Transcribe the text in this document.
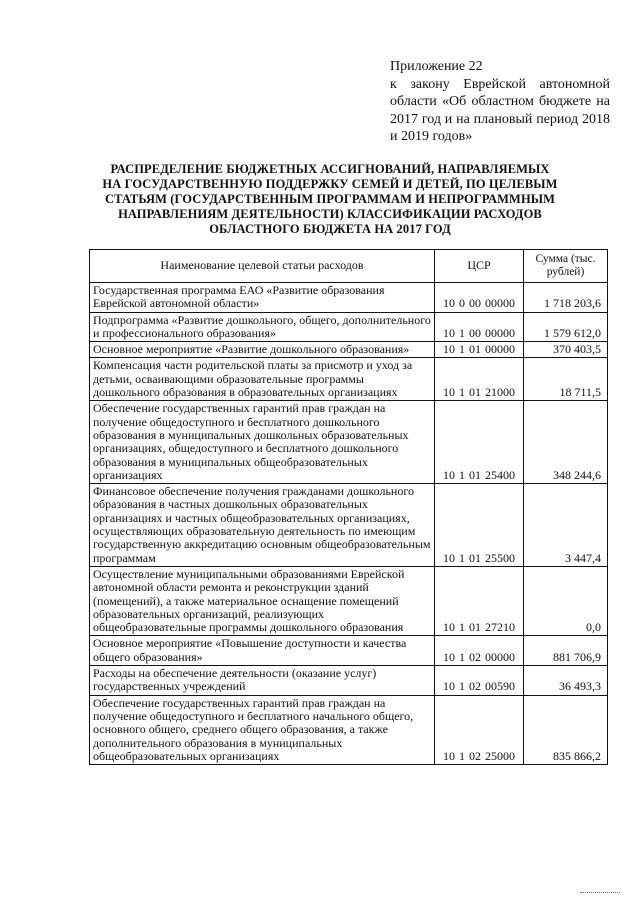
Приложение 22
к закону Еврейской автономной области «Об областном бюджете на 2017 год и на плановый период 2018 и 2019 годов»
РАСПРЕДЕЛЕНИЕ БЮДЖЕТНЫХ АССИГНОВАНИЙ, НАПРАВЛЯЕМЫХ НА ГОСУДАРСТВЕННУЮ ПОДДЕРЖКУ СЕМЕЙ И ДЕТЕЙ, ПО ЦЕЛЕВЫМ СТАТЬЯМ (ГОСУДАРСТВЕННЫМ ПРОГРАММАМ И НЕПРОГРАММНЫМ НАПРАВЛЕНИЯМ ДЕЯТЕЛЬНОСТИ) КЛАССИФИКАЦИИ РАСХОДОВ ОБЛАСТНОГО БЮДЖЕТА НА 2017 ГОД
Наименование целевой статьи расходов	ЦСР	Сумма (тыс. рублей)
Государственная программа ЕАО «Развитие образования Еврейской автономной области»	10 0 00 00000	1 718 203,6
Подпрограмма «Развитие дошкольного, общего, дополнительного и профессионального образования»	10 1 00 00000	1 579 612,0
Основное мероприятие «Развитие дошкольного образования»	10 1 01 00000	370 403,5
Компенсация части родительской платы за присмотр и уход за детьми, осваивающими образовательные программы дошкольного образования в образовательных организациях	10 1 01 21000	18 711,5
Обеспечение государственных гарантий прав граждан на получение общедоступного и бесплатного дошкольного образования в муниципальных дошкольных образовательных организациях, общедоступного и бесплатного дошкольного образования в муниципальных общеобразовательных организациях	10 1 01 25400	348 244,6
Финансовое обеспечение получения гражданами дошкольного образования в частных дошкольных образовательных организациях и частных общеобразовательных организациях, осуществляющих образовательную деятельность по имеющим государственную аккредитацию основным общеобразовательным программам	10 1 01 25500	3 447,4
Осуществление муниципальными образованиями Еврейской автономной области ремонта и реконструкции зданий (помещений), а также материальное оснащение помещений образовательных организаций, реализующих общеобразовательные программы дошкольного образования	10 1 01 27210	0,0
Основное мероприятие «Повышение доступности и качества общего образования»	10 1 02 00000	881 706,9
Расходы на обеспечение деятельности (оказание услуг) государственных учреждений	10 1 02 00590	36 493,3
Обеспечение государственных гарантий прав граждан на получение общедоступного и бесплатного начального общего, основного общего, среднего общего образования, а также дополнительного образования в муниципальных общеобразовательных организациях	10 1 02 25000	835 866,2
